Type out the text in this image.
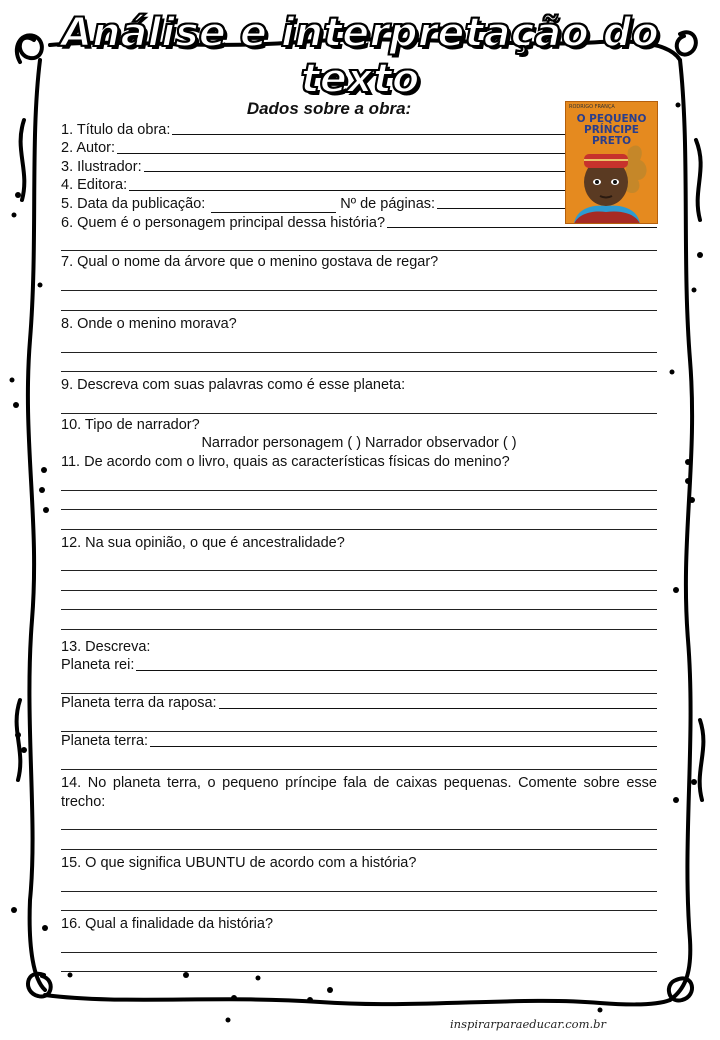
Análise e interpretação do texto
RODRIGO FRANÇA
O PEQUENO PRÍNCIPE PRETO
Dados sobre a obra:
1. Título da obra:
2. Autor:
3. Ilustrador:
4. Editora:
5. Data da publicação:	Nº de páginas:
6. Quem é o personagem principal dessa história?
7. Qual o nome da árvore que o menino gostava de regar?
8. Onde o menino morava?
9. Descreva com suas palavras como é esse planeta:
10. Tipo de narrador?
Narrador personagem ( ) Narrador observador ( )
11. De acordo com o livro, quais as características físicas do menino?
12. Na sua opinião, o que é ancestralidade?
13. Descreva:
Planeta rei:
Planeta terra da raposa:
Planeta terra:
14. No planeta terra, o pequeno príncipe fala de caixas pequenas. Comente sobre esse trecho:
15. O que significa UBUNTU de acordo com a história?
16. Qual a finalidade da história?
inspirarparaeducar.com.br
